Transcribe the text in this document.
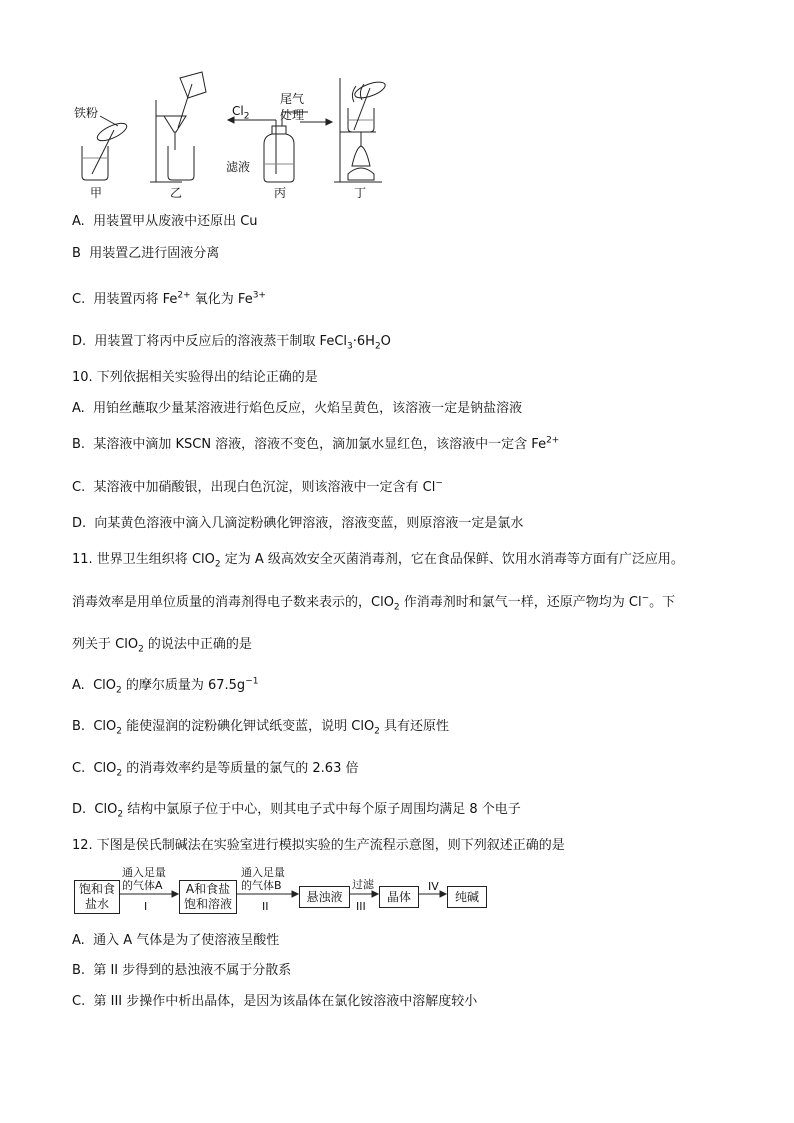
铁粉	$Cl_2$
尾气
处理
滤液
甲	乙	丙	丁
A. 用装置甲从废液中还原出 Cu
B 用装置乙进行固液分离
C. 用装置丙将 $Fe^{2+}$ 氧化为 $Fe^{3+}$
D. 用装置丁将丙中反应后的溶液蒸干制取 $FeCl_3\cdot 6H_2O$
10. 下列依据相关实验得出的结论正确的是
A. 用铂丝蘸取少量某溶液进行焰色反应，火焰呈黄色，该溶液一定是钠盐溶液
B. 某溶液中滴加 KSCN 溶液，溶液不变色，滴加氯水显红色，该溶液中一定含 $Fe^{2+}$
C. 某溶液中加硝酸银，出现白色沉淀，则该溶液中一定含有 Cl−
D. 向某黄色溶液中滴入几滴淀粉碘化钾溶液，溶液变蓝，则原溶液一定是氯水
11. 世界卫生组织将 ClO$_2$ 定为 A 级高效安全灭菌消毒剂，它在食品保鲜、饮用水消毒等方面有广泛应用。
消毒效率是用单位质量的消毒剂得电子数来表示的，ClO$_2$ 作消毒剂时和氯气一样，还原产物均为 Cl−。下
列关于 ClO$_2$ 的说法中正确的是
A. ClO$_2$ 的摩尔质量为 $67.5g^{-1}$
B. ClO$_2$ 能使湿润的淀粉碘化钾试纸变蓝，说明 ClO$_2$ 具有还原性
C. ClO$_2$ 的消毒效率约是等质量的氯气的 2.63 倍
D. ClO$_2$ 结构中氯原子位于中心，则其电子式中每个原子周围均满足 8 个电子
12. 下图是侯氏制碱法在实验室进行模拟实验的生产流程示意图，则下列叙述正确的是
饱和食
盐水
通入足量
的气体A
I
A和食盐
饱和溶液
通入足量
的气体B
II
悬浊液
过滤
III
晶体
IV
纯碱
A. 通入 A 气体是为了使溶液呈酸性
B. 第 II 步得到的悬浊液不属于分散系
C. 第 III 步操作中析出晶体，是因为该晶体在氯化铵溶液中溶解度较小
